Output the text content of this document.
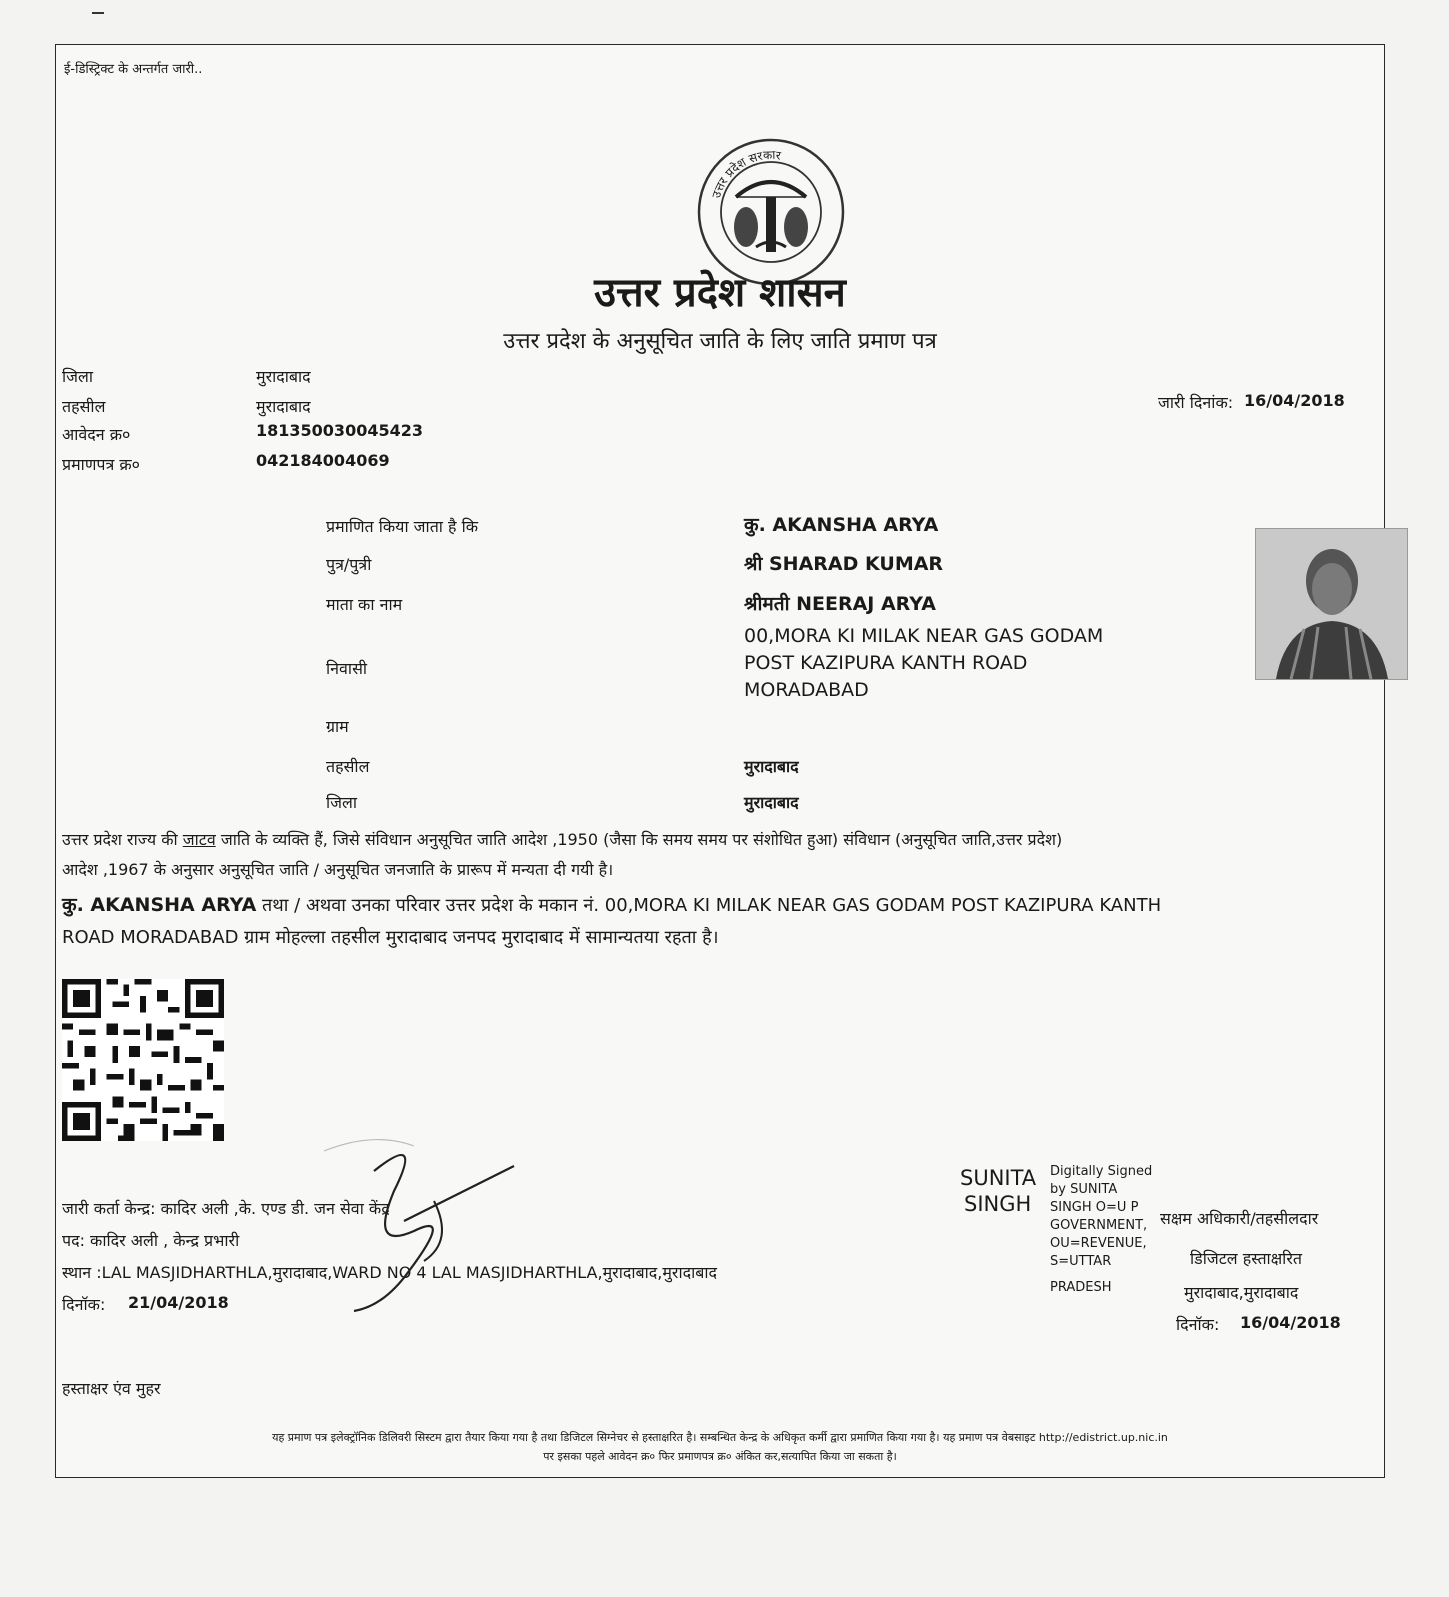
ई-डिस्ट्रिक्ट के अन्तर्गत जारी..
उत्तर प्रदेश सरकार
उत्तर प्रदेश शासन
उत्तर प्रदेश के अनुसूचित जाति के लिए जाति प्रमाण पत्र
जिला	मुरादाबाद
तहसील	मुरादाबाद
आवेदन क्र०	181350030045423
प्रमाणपत्र क्र०	042184004069
जारी दिनांक: 16/04/2018
प्रमाणित किया जाता है कि	कु. AKANSHA ARYA
पुत्र/पुत्री	श्री SHARAD KUMAR
माता का नाम	श्रीमती NEERAJ ARYA
00,MORA KI MILAK NEAR GAS GODAM
निवासी	POST KAZIPURA KANTH ROAD
MORADABAD
ग्राम
तहसील	मुरादाबाद
जिला	मुरादाबाद
उत्तर प्रदेश राज्य की जाटव जाति के व्यक्ति हैं, जिसे संविधान अनुसूचित जाति आदेश ,1950 (जैसा कि समय समय पर संशोधित हुआ) संविधान (अनुसूचित जाति,उत्तर प्रदेश)
आदेश ,1967 के अनुसार अनुसूचित जाति / अनुसूचित जनजाति के प्रारूप में मन्यता दी गयी है।
कु. AKANSHA ARYA तथा / अथवा उनका परिवार उत्तर प्रदेश के मकान नं. 00,MORA KI MILAK NEAR GAS GODAM POST KAZIPURA KANTH
ROAD MORADABAD ग्राम मोहल्ला तहसील मुरादाबाद जनपद मुरादाबाद में सामान्यतया रहता है।
जारी कर्ता केन्द्र: कादिर अली ,के. एण्ड डी. जन सेवा केंद्र
पद: कादिर अली , केन्द्र प्रभारी
स्थान :LAL MASJIDHARTHLA,मुरादाबाद,WARD NO 4 LAL MASJIDHARTHLA,मुरादाबाद,मुरादाबाद
दिनॉक: 21/04/2018
हस्ताक्षर एंव मुहर
SUNITA
SINGH
Digitally Signed
by SUNITA
SINGH O=U P
GOVERNMENT,
OU=REVENUE,
S=UTTAR
PRADESH
सक्षम अधिकारी/तहसीलदार
डिजिटल हस्ताक्षरित
मुरादाबाद,मुरादाबाद
दिनॉक: 16/04/2018
यह प्रमाण पत्र इलेक्ट्रॉनिक डिलिवरी सिस्टम द्वारा तैयार किया गया है तथा डिजिटल सिग्नेचर से हस्ताक्षरित है। सम्बन्धित केन्द्र के अधिकृत कर्मी द्वारा प्रमाणित किया गया है। यह प्रमाण पत्र वेबसाइट http://edistrict.up.nic.in
पर इसका पहले आवेदन क्र० फिर प्रमाणपत्र क्र० अंकित कर,सत्यापित किया जा सकता है।
